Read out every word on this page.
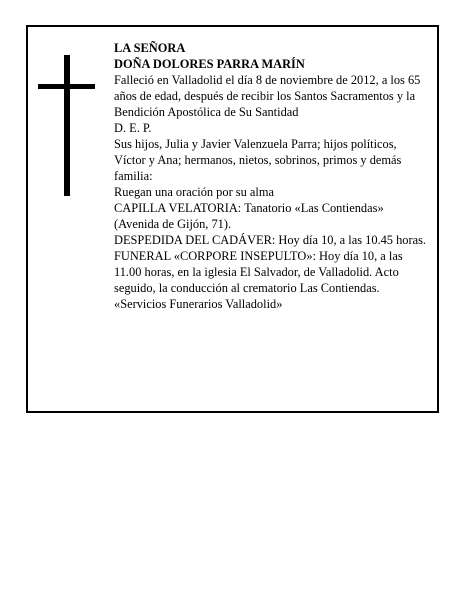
LA SEÑORA

DOÑA DOLORES PARRA MARÍN

Falleció en Valladolid el día 8 de noviembre de 2012, a los 65 años de edad, después de recibir los Santos Sacramentos y la Bendición Apostólica de Su Santidad

D. E. P.

Sus hijos, Julia y Javier Valenzuela Parra; hijos políticos, Víctor y Ana; hermanos, nietos, sobrinos, primos y demás familia:

Ruegan una oración por su alma

CAPILLA VELATORIA: Tanatorio «Las Contiendas» (Avenida de Gijón, 71).

DESPEDIDA DEL CADÁVER: Hoy día 10, a las 10.45 horas.

FUNERAL «CORPORE INSEPULTO»: Hoy día 10, a las 11.00 horas, en la iglesia El Salvador, de Valladolid. Acto seguido, la conducción al crematorio Las Contiendas.

«Servicios Funerarios Valladolid»
